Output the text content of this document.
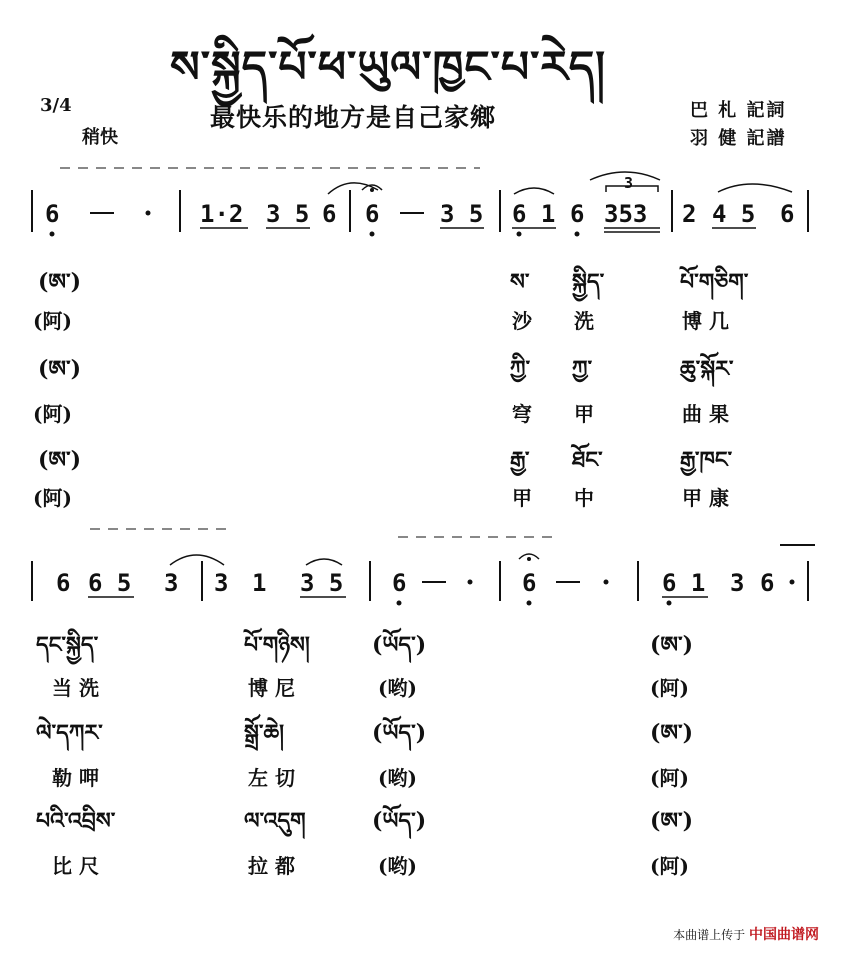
ས་སྐྱིད་པོ་ཕ་ཡུལ་ཁྱང་པ་རེད།
3/4
稍快
最快乐的地方是自己家鄉	巴 札 記詞
羽 健 記譜
6	1·2 3 5 6 6	3 5 6 1 6 353
3
2 4 5 6
(ཨ་)	ས་ སྐྱིད་	པོ་གཅིག་
(阿)	沙 洗	博 几
(ཨ་)	ཀྱི་ ཀྱ་	ཆུ་སྐོར་
(阿)	穹 甲	曲 果
(ཨ་)	རྒྱ་ ཐོང་	རྒྱ་ཁང་
(阿)	甲 中	甲 康
6 6 5 3 3 1 3 5 6	6	6 1 3 6
དང་སྐྱིད་	པོ་གཉིས།	(ཡོད་)	(ཨ་)
当 洗	博 尼	(哟)	(阿)
ལེ་དཀར་	སྒྲོ་ཆེ།	(ཡོད་)	(ཨ་)
勒 呷	左 切	(哟)	(阿)
པའི་འབྲིས་	ལ་འདུག	(ཡོད་)	(ཨ་)
比 尺	拉 都	(哟)	(阿)
本曲谱上传于 中国曲谱网
